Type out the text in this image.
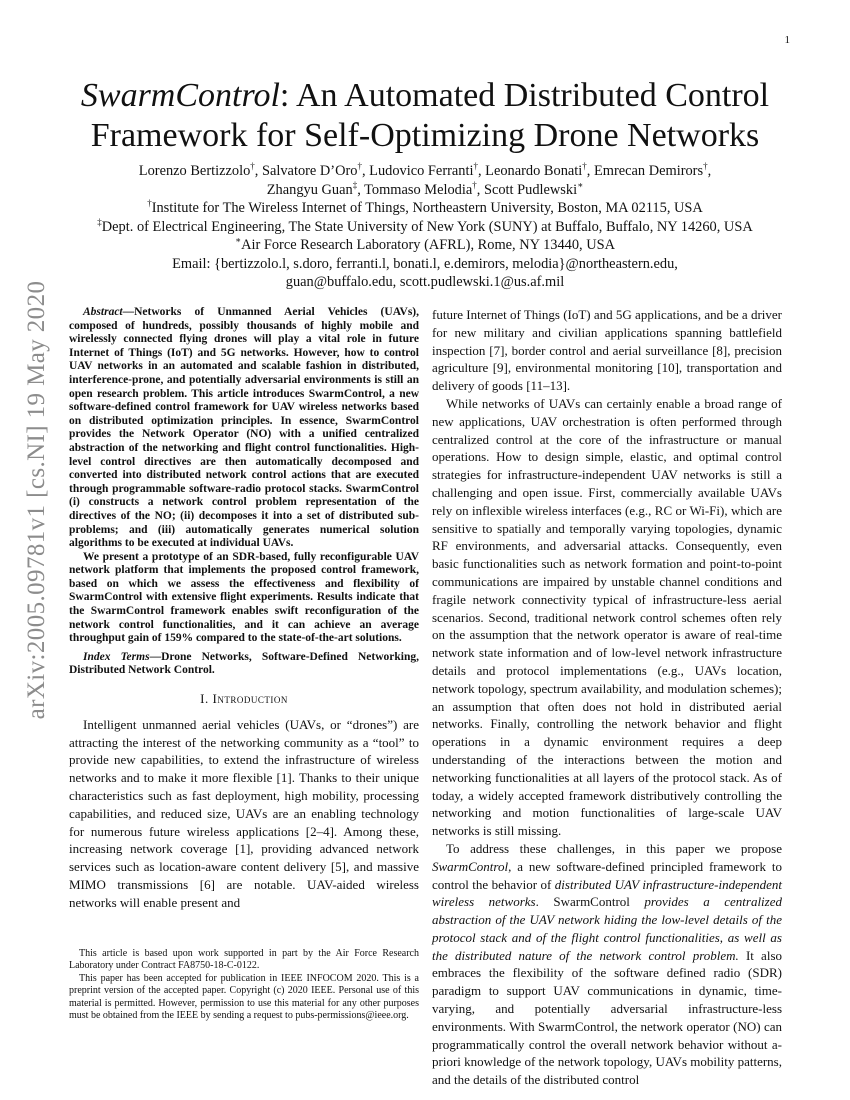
1
arXiv:2005.09781v1 [cs.NI] 19 May 2020
SwarmControl: An Automated Distributed Control
Framework for Self-Optimizing Drone Networks
Lorenzo Bertizzolo†, Salvatore D’Oro†, Ludovico Ferranti†, Leonardo Bonati†, Emrecan Demirors†,
Zhangyu Guan‡, Tommaso Melodia†, Scott Pudlewski∗
†Institute for The Wireless Internet of Things, Northeastern University, Boston, MA 02115, USA
‡Dept. of Electrical Engineering, The State University of New York (SUNY) at Buffalo, Buffalo, NY 14260, USA
∗Air Force Research Laboratory (AFRL), Rome, NY 13440, USA
Email: {bertizzolo.l, s.doro, ferranti.l, bonati.l, e.demirors, melodia}@northeastern.edu,
guan@buffalo.edu, scott.pudlewski.1@us.af.mil

Abstract—Networks of Unmanned Aerial Vehicles (UAVs), composed of hundreds, possibly thousands of highly mobile and wirelessly connected flying drones will play a vital role in future Internet of Things (IoT) and 5G networks. However, how to control UAV networks in an automated and scalable fashion in distributed, interference-prone, and potentially adversarial environments is still an open research problem. This article introduces SwarmControl, a new software-defined control framework for UAV wireless networks based on distributed optimization principles. In essence, SwarmControl provides the Network Operator (NO) with a unified centralized abstraction of the networking and flight control functionalities. High-level control directives are then automatically decomposed and converted into distributed network control actions that are executed through programmable software-radio protocol stacks. SwarmControl (i) constructs a network control problem representation of the directives of the NO; (ii) decomposes it into a set of distributed sub-problems; and (iii) automatically generates numerical solution algorithms to be executed at individual UAVs.

We present a prototype of an SDR-based, fully reconfigurable UAV network platform that implements the proposed control framework, based on which we assess the effectiveness and flexibility of SwarmControl with extensive flight experiments. Results indicate that the SwarmControl framework enables swift reconfiguration of the network control functionalities, and it can achieve an average throughput gain of 159% compared to the state-of-the-art solutions.

Index Terms—Drone Networks, Software-Defined Networking, Distributed Network Control.

I. Introduction

Intelligent unmanned aerial vehicles (UAVs, or “drones”) are attracting the interest of the networking community as a “tool” to provide new capabilities, to extend the infrastructure of wireless networks and to make it more flexible [1]. Thanks to their unique characteristics such as fast deployment, high mobility, processing capabilities, and reduced size, UAVs are an enabling technology for numerous future wireless applications [2–4]. Among these, increasing network coverage [1], providing advanced network services such as location-aware content delivery [5], and massive MIMO transmissions [6] are notable. UAV-aided wireless networks will enable present and

This article is based upon work supported in part by the Air Force Research Laboratory under Contract FA8750-18-C-0122.

This paper has been accepted for publication in IEEE INFOCOM 2020. This is a preprint version of the accepted paper. Copyright (c) 2020 IEEE. Personal use of this material is permitted. However, permission to use this material for any other purposes must be obtained from the IEEE by sending a request to pubs-permissions@ieee.org.

future Internet of Things (IoT) and 5G applications, and be a driver for new military and civilian applications spanning battlefield inspection [7], border control and aerial surveillance [8], precision agriculture [9], environmental monitoring [10], transportation and delivery of goods [11–13].

While networks of UAVs can certainly enable a broad range of new applications, UAV orchestration is often performed through centralized control at the core of the infrastructure or manual operations. How to design simple, elastic, and optimal control strategies for infrastructure-independent UAV networks is still a challenging and open issue. First, commercially available UAVs rely on inflexible wireless interfaces (e.g., RC or Wi-Fi), which are sensitive to spatially and temporally varying topologies, dynamic RF environments, and adversarial attacks. Consequently, even basic functionalities such as network formation and point-to-point communications are impaired by unstable channel conditions and fragile network connectivity typical of infrastructure-less aerial scenarios. Second, traditional network control schemes often rely on the assumption that the network operator is aware of real-time network state information and of low-level network infrastructure details and protocol implementations (e.g., UAVs location, network topology, spectrum availability, and modulation schemes); an assumption that often does not hold in distributed aerial networks. Finally, controlling the network behavior and flight operations in a dynamic environment requires a deep understanding of the interactions between the motion and networking functionalities at all layers of the protocol stack. As of today, a widely accepted framework distributively controlling the networking and motion functionalities of large-scale UAV networks is still missing.

To address these challenges, in this paper we propose SwarmControl, a new software-defined principled framework to control the behavior of distributed UAV infrastructure-independent wireless networks. SwarmControl provides a centralized abstraction of the UAV network hiding the low-level details of the protocol stack and of the flight control functionalities, as well as the distributed nature of the network control problem. It also embraces the flexibility of the software defined radio (SDR) paradigm to support UAV communications in dynamic, time-varying, and potentially adversarial infrastructure-less environments. With SwarmControl, the network operator (NO) can programmatically control the overall network behavior without a-priori knowledge of the network topology, UAVs mobility patterns, and the details of the distributed control
